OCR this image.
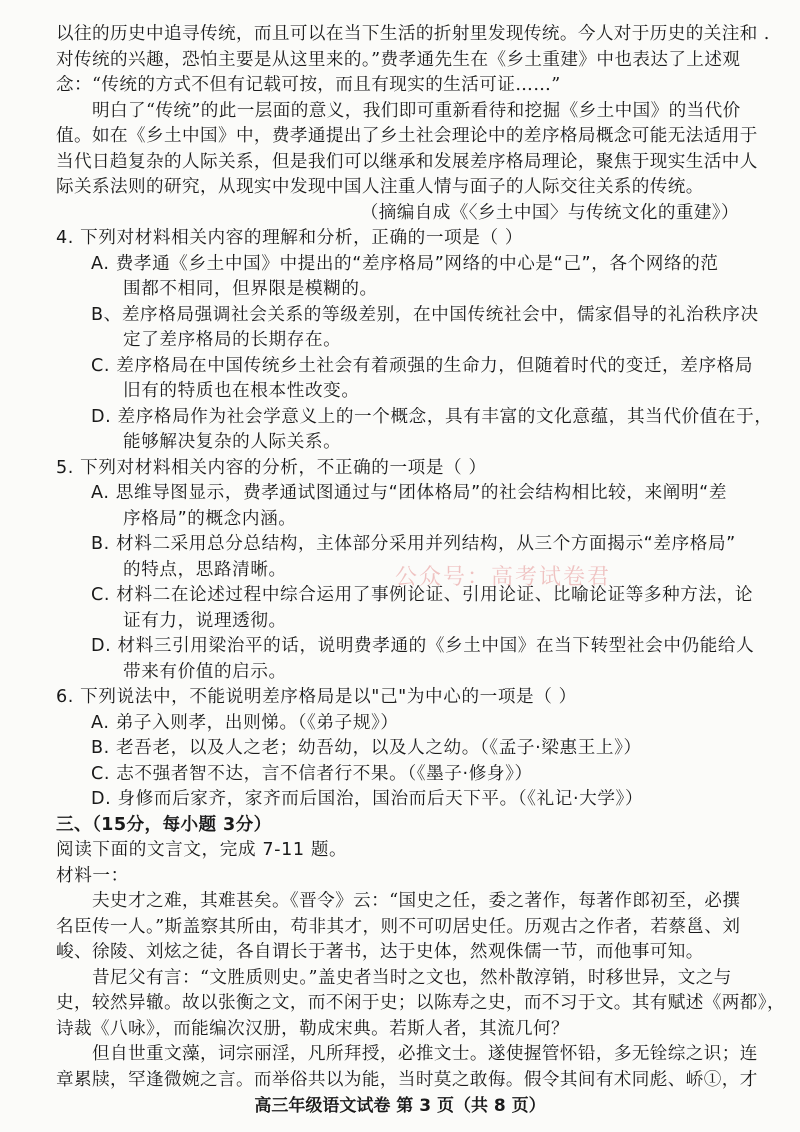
以往的历史中追寻传统，而且可以在当下生活的折射里发现传统。今人对于历史的关注和 .
对传统的兴趣，恐怕主要是从这里来的。”费孝通先生在《乡土重建》中也表达了上述观
念：“传统的方式不但有记载可按，而且有现实的生活可证……”
明白了“传统”的此一层面的意义，我们即可重新看待和挖掘《乡土中国》的当代价
值。如在《乡土中国》中，费孝通提出了乡土社会理论中的差序格局概念可能无法适用于
当代日趋复杂的人际关系，但是我们可以继承和发展差序格局理论，聚焦于现实生活中人
际关系法则的研究，从现实中发现中国人注重人情与面子的人际交往关系的传统。
（摘编自成《〈乡土中国〉与传统文化的重建》）
4. 下列对材料相关内容的理解和分析，正确的一项是（ ）
A. 费孝通《乡土中国》中提出的“差序格局”网络的中心是“己”，各个网络的范
围都不相同，但界限是模糊的。
B、差序格局强调社会关系的等级差别，在中国传统社会中，儒家倡导的礼治秩序决
定了差序格局的长期存在。
C. 差序格局在中国传统乡土社会有着顽强的生命力，但随着时代的变迁，差序格局
旧有的特质也在根本性改变。
D. 差序格局作为社会学意义上的一个概念，具有丰富的文化意蕴，其当代价值在于，
能够解决复杂的人际关系。
5. 下列对材料相关内容的分析，不正确的一项是（ ）
A. 思维导图显示，费孝通试图通过与“团体格局”的社会结构相比较，来阐明“差
序格局”的概念内涵。
B. 材料二采用总分总结构，主体部分采用并列结构，从三个方面揭示“差序格局”
的特点，思路清晰。
C. 材料二在论述过程中综合运用了事例论证、引用论证、比喻论证等多种方法，论
证有力，说理透彻。
D. 材料三引用梁治平的话，说明费孝通的《乡土中国》在当下转型社会中仍能给人
带来有价值的启示。
6. 下列说法中，不能说明差序格局是以"己"为中心的一项是（ ）
A. 弟子入则孝，出则悌。（《弟子规》）
B. 老吾老，以及人之老；幼吾幼，以及人之幼。（《孟子·梁惠王上》）
C. 志不强者智不达，言不信者行不果。（《墨子·修身》）
D. 身修而后家齐，家齐而后国治，国治而后天下平。（《礼记·大学》）
三、（15分，每小题 3分）
阅读下面的文言文，完成 7-11 题。
材料一：
夫史才之难，其难甚矣。《晋令》云：“国史之任，委之著作，每著作郎初至，必撰
名臣传一人。”斯盖察其所由，苟非其才，则不可叨居史任。历观古之作者，若蔡邕、刘
峻、徐陵、刘炫之徒，各自谓长于著书，达于史体，然观侏儒一节，而他事可知。
昔尼父有言：“文胜质则史。”盖史者当时之文也，然朴散淳销，时移世异，文之与
史，较然异辙。故以张衡之文，而不闲于史；以陈寿之史，而不习于文。其有赋述《两都》，
诗裁《八咏》，而能编次汉册，勒成宋典。若斯人者，其流几何？
但自世重文藻，词宗丽淫，凡所拜授，必推文士。遂使握管怀铅，多无铨综之识；连
章累牍，罕逢微婉之言。而举俗共以为能，当时莫之敢侮。假令其间有术同彪、峤①，才
公众号：高考试卷君
高三年级语文试卷 第 3 页（共 8 页）
